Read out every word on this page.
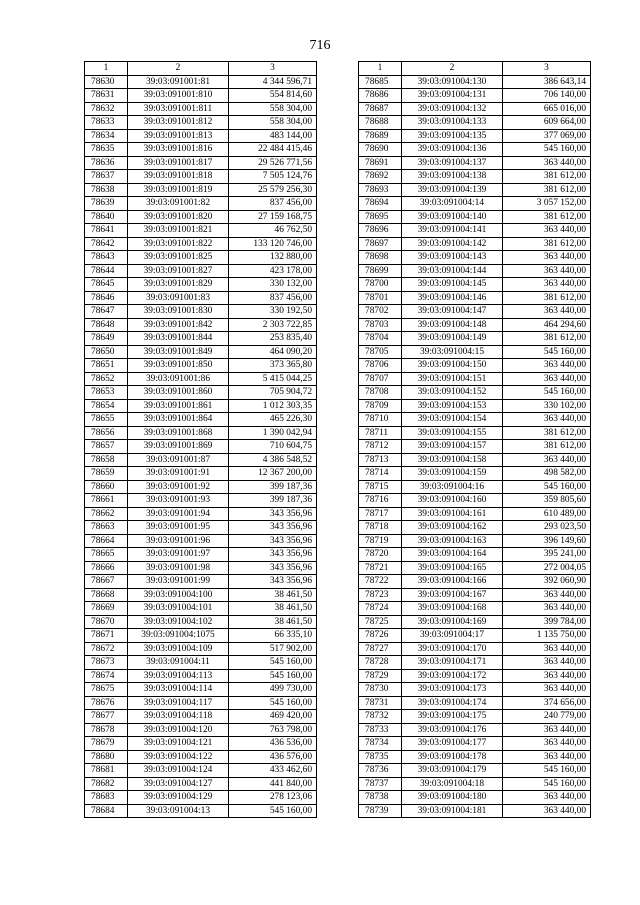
716
1	2	3
78630	39:03:091001:81	4 344 596,71
78631	39:03:091001:810	554 814,60
78632	39:03:091001:811	558 304,00
78633	39:03:091001:812	558 304,00
78634	39:03:091001:813	483 144,00
78635	39:03:091001:816	22 484 415,46
78636	39:03:091001:817	29 526 771,56
78637	39:03:091001:818	7 505 124,76
78638	39:03:091001:819	25 579 256,30
78639	39:03:091001:82	837 456,00
78640	39:03:091001:820	27 159 168,75
78641	39:03:091001:821	46 762,50
78642	39:03:091001:822	133 120 746,00
78643	39:03:091001:825	132 880,00
78644	39:03:091001:827	423 178,00
78645	39:03:091001:829	330 132,00
78646	39:03:091001:83	837 456,00
78647	39:03:091001:830	330 192,50
78648	39:03:091001:842	2 303 722,85
78649	39:03:091001:844	253 835,40
78650	39:03:091001:849	464 090,20
78651	39:03:091001:850	373 365,80
78652	39:03:091001:86	5 415 044,25
78653	39:03:091001:860	705 904,72
78654	39:03:091001:861	1 012 303,35
78655	39:03:091001:864	465 226,30
78656	39:03:091001:868	1 390 042,94
78657	39:03:091001:869	710 604,75
78658	39:03:091001:87	4 386 548,52
78659	39:03:091001:91	12 367 200,00
78660	39:03:091001:92	399 187,36
78661	39:03:091001:93	399 187,36
78662	39:03:091001:94	343 356,96
78663	39:03:091001:95	343 356,96
78664	39:03:091001:96	343 356,96
78665	39:03:091001:97	343 356,96
78666	39:03:091001:98	343 356,96
78667	39:03:091001:99	343 356,96
78668	39:03:091004:100	38 461,50
78669	39:03:091004:101	38 461,50
78670	39:03:091004:102	38 461,50
78671	39:03:091004:1075	66 335,10
78672	39:03:091004:109	517 902,00
78673	39:03:091004:11	545 160,00
78674	39:03:091004:113	545 160,00
78675	39:03:091004:114	499 730,00
78676	39:03:091004:117	545 160,00
78677	39:03:091004:118	469 420,00
78678	39:03:091004:120	763 798,00
78679	39:03:091004:121	436 536,00
78680	39:03:091004:122	436 576,00
78681	39:03:091004:124	433 462,60
78682	39:03:091004:127	441 840,00
78683	39:03:091004:129	278 123,06
78684	39:03:091004:13	545 160,00
1	2	3
78685	39:03:091004:130	386 643,14
78686	39:03:091004:131	706 140,00
78687	39:03:091004:132	665 016,00
78688	39:03:091004:133	609 664,00
78689	39:03:091004:135	377 069,00
78690	39:03:091004:136	545 160,00
78691	39:03:091004:137	363 440,00
78692	39:03:091004:138	381 612,00
78693	39:03:091004:139	381 612,00
78694	39:03:091004:14	3 057 152,00
78695	39:03:091004:140	381 612,00
78696	39:03:091004:141	363 440,00
78697	39:03:091004:142	381 612,00
78698	39:03:091004:143	363 440,00
78699	39:03:091004:144	363 440,00
78700	39:03:091004:145	363 440,00
78701	39:03:091004:146	381 612,00
78702	39:03:091004:147	363 440,00
78703	39:03:091004:148	464 294,60
78704	39:03:091004:149	381 612,00
78705	39:03:091004:15	545 160,00
78706	39:03:091004:150	363 440,00
78707	39:03:091004:151	363 440,00
78708	39:03:091004:152	545 160,00
78709	39:03:091004:153	330 102,00
78710	39:03:091004:154	363 440,00
78711	39:03:091004:155	381 612,00
78712	39:03:091004:157	381 612,00
78713	39:03:091004:158	363 440,00
78714	39:03:091004:159	498 582,00
78715	39:03:091004:16	545 160,00
78716	39:03:091004:160	359 805,60
78717	39:03:091004:161	610 489,00
78718	39:03:091004:162	293 023,50
78719	39:03:091004:163	396 149,60
78720	39:03:091004:164	395 241,00
78721	39:03:091004:165	272 004,05
78722	39:03:091004:166	392 060,90
78723	39:03:091004:167	363 440,00
78724	39:03:091004:168	363 440,00
78725	39:03:091004:169	399 784,00
78726	39:03:091004:17	1 135 750,00
78727	39:03:091004:170	363 440,00
78728	39:03:091004:171	363 440,00
78729	39:03:091004:172	363 440,00
78730	39:03:091004:173	363 440,00
78731	39:03:091004:174	374 656,00
78732	39:03:091004:175	240 779,00
78733	39:03:091004:176	363 440,00
78734	39:03:091004:177	363 440,00
78735	39:03:091004:178	363 440,00
78736	39:03:091004:179	545 160,00
78737	39:03:091004:18	545 160,00
78738	39:03:091004:180	363 440,00
78739	39:03:091004:181	363 440,00
